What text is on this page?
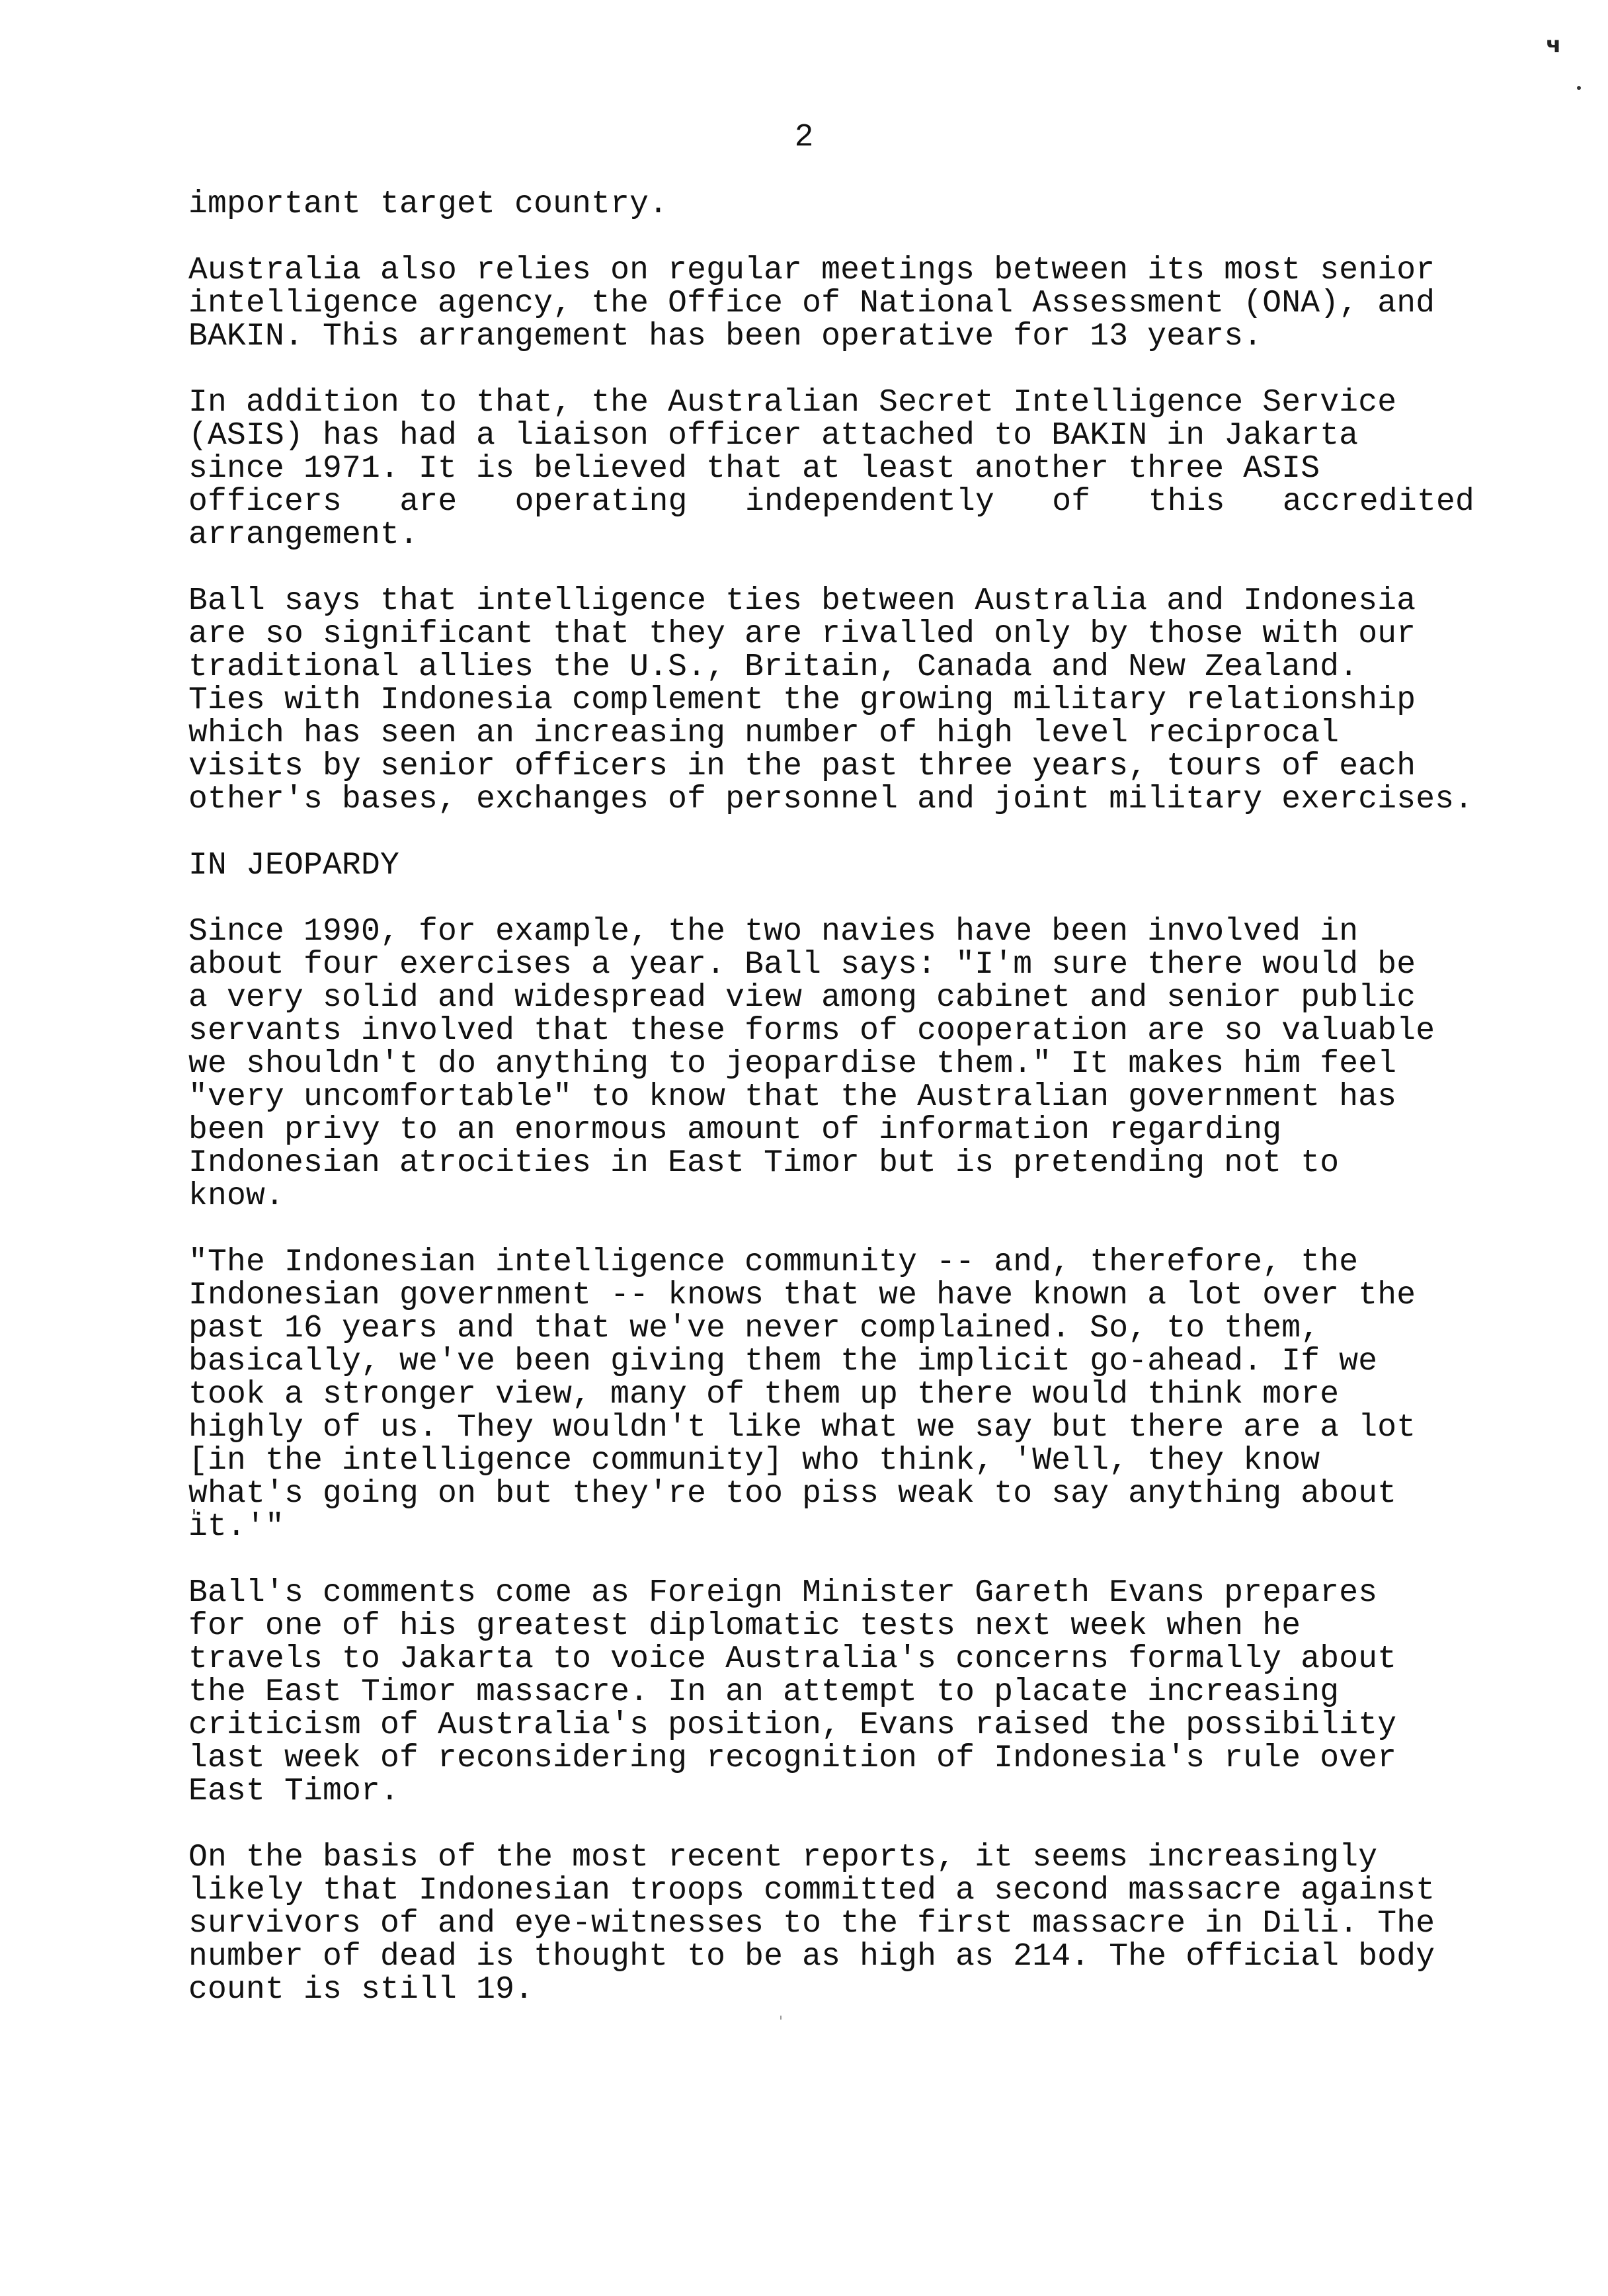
ч
2
important target country.
Australia also relies on regular meetings between its most senior
intelligence agency, the Office of National Assessment (ONA), and
BAKIN. This arrangement has been operative for 13 years.
In addition to that, the Australian Secret Intelligence Service
(ASIS) has had a liaison officer attached to BAKIN in Jakarta
since 1971. It is believed that at least another three ASIS
officers are operating independently of this accredited
arrangement.
Ball says that intelligence ties between Australia and Indonesia
are so significant that they are rivalled only by those with our
traditional allies the U.S., Britain, Canada and New Zealand.
Ties with Indonesia complement the growing military relationship
which has seen an increasing number of high level reciprocal
visits by senior officers in the past three years, tours of each
other's bases, exchanges of personnel and joint military exercises.
IN JEOPARDY
Since 1990, for example, the two navies have been involved in
about four exercises a year. Ball says: "I'm sure there would be
a very solid and widespread view among cabinet and senior public
servants involved that these forms of cooperation are so valuable
we shouldn't do anything to jeopardise them." It makes him feel
"very uncomfortable" to know that the Australian government has
been privy to an enormous amount of information regarding
Indonesian atrocities in East Timor but is pretending not to
know.
"The Indonesian intelligence community -- and, therefore, the
Indonesian government -- knows that we have known a lot over the
past 16 years and that we've never complained. So, to them,
basically, we've been giving them the implicit go-ahead. If we
took a stronger view, many of them up there would think more
highly of us. They wouldn't like what we say but there are a lot
[in the intelligence community] who think, 'Well, they know
what's going on but they're too piss weak to say anything about
it.'"
Ball's comments come as Foreign Minister Gareth Evans prepares
for one of his greatest diplomatic tests next week when he
travels to Jakarta to voice Australia's concerns formally about
the East Timor massacre. In an attempt to placate increasing
criticism of Australia's position, Evans raised the possibility
last week of reconsidering recognition of Indonesia's rule over
East Timor.
On the basis of the most recent reports, it seems increasingly
likely that Indonesian troops committed a second massacre against
survivors of and eye-witnesses to the first massacre in Dili. The
number of dead is thought to be as high as 214. The official body
count is still 19.
